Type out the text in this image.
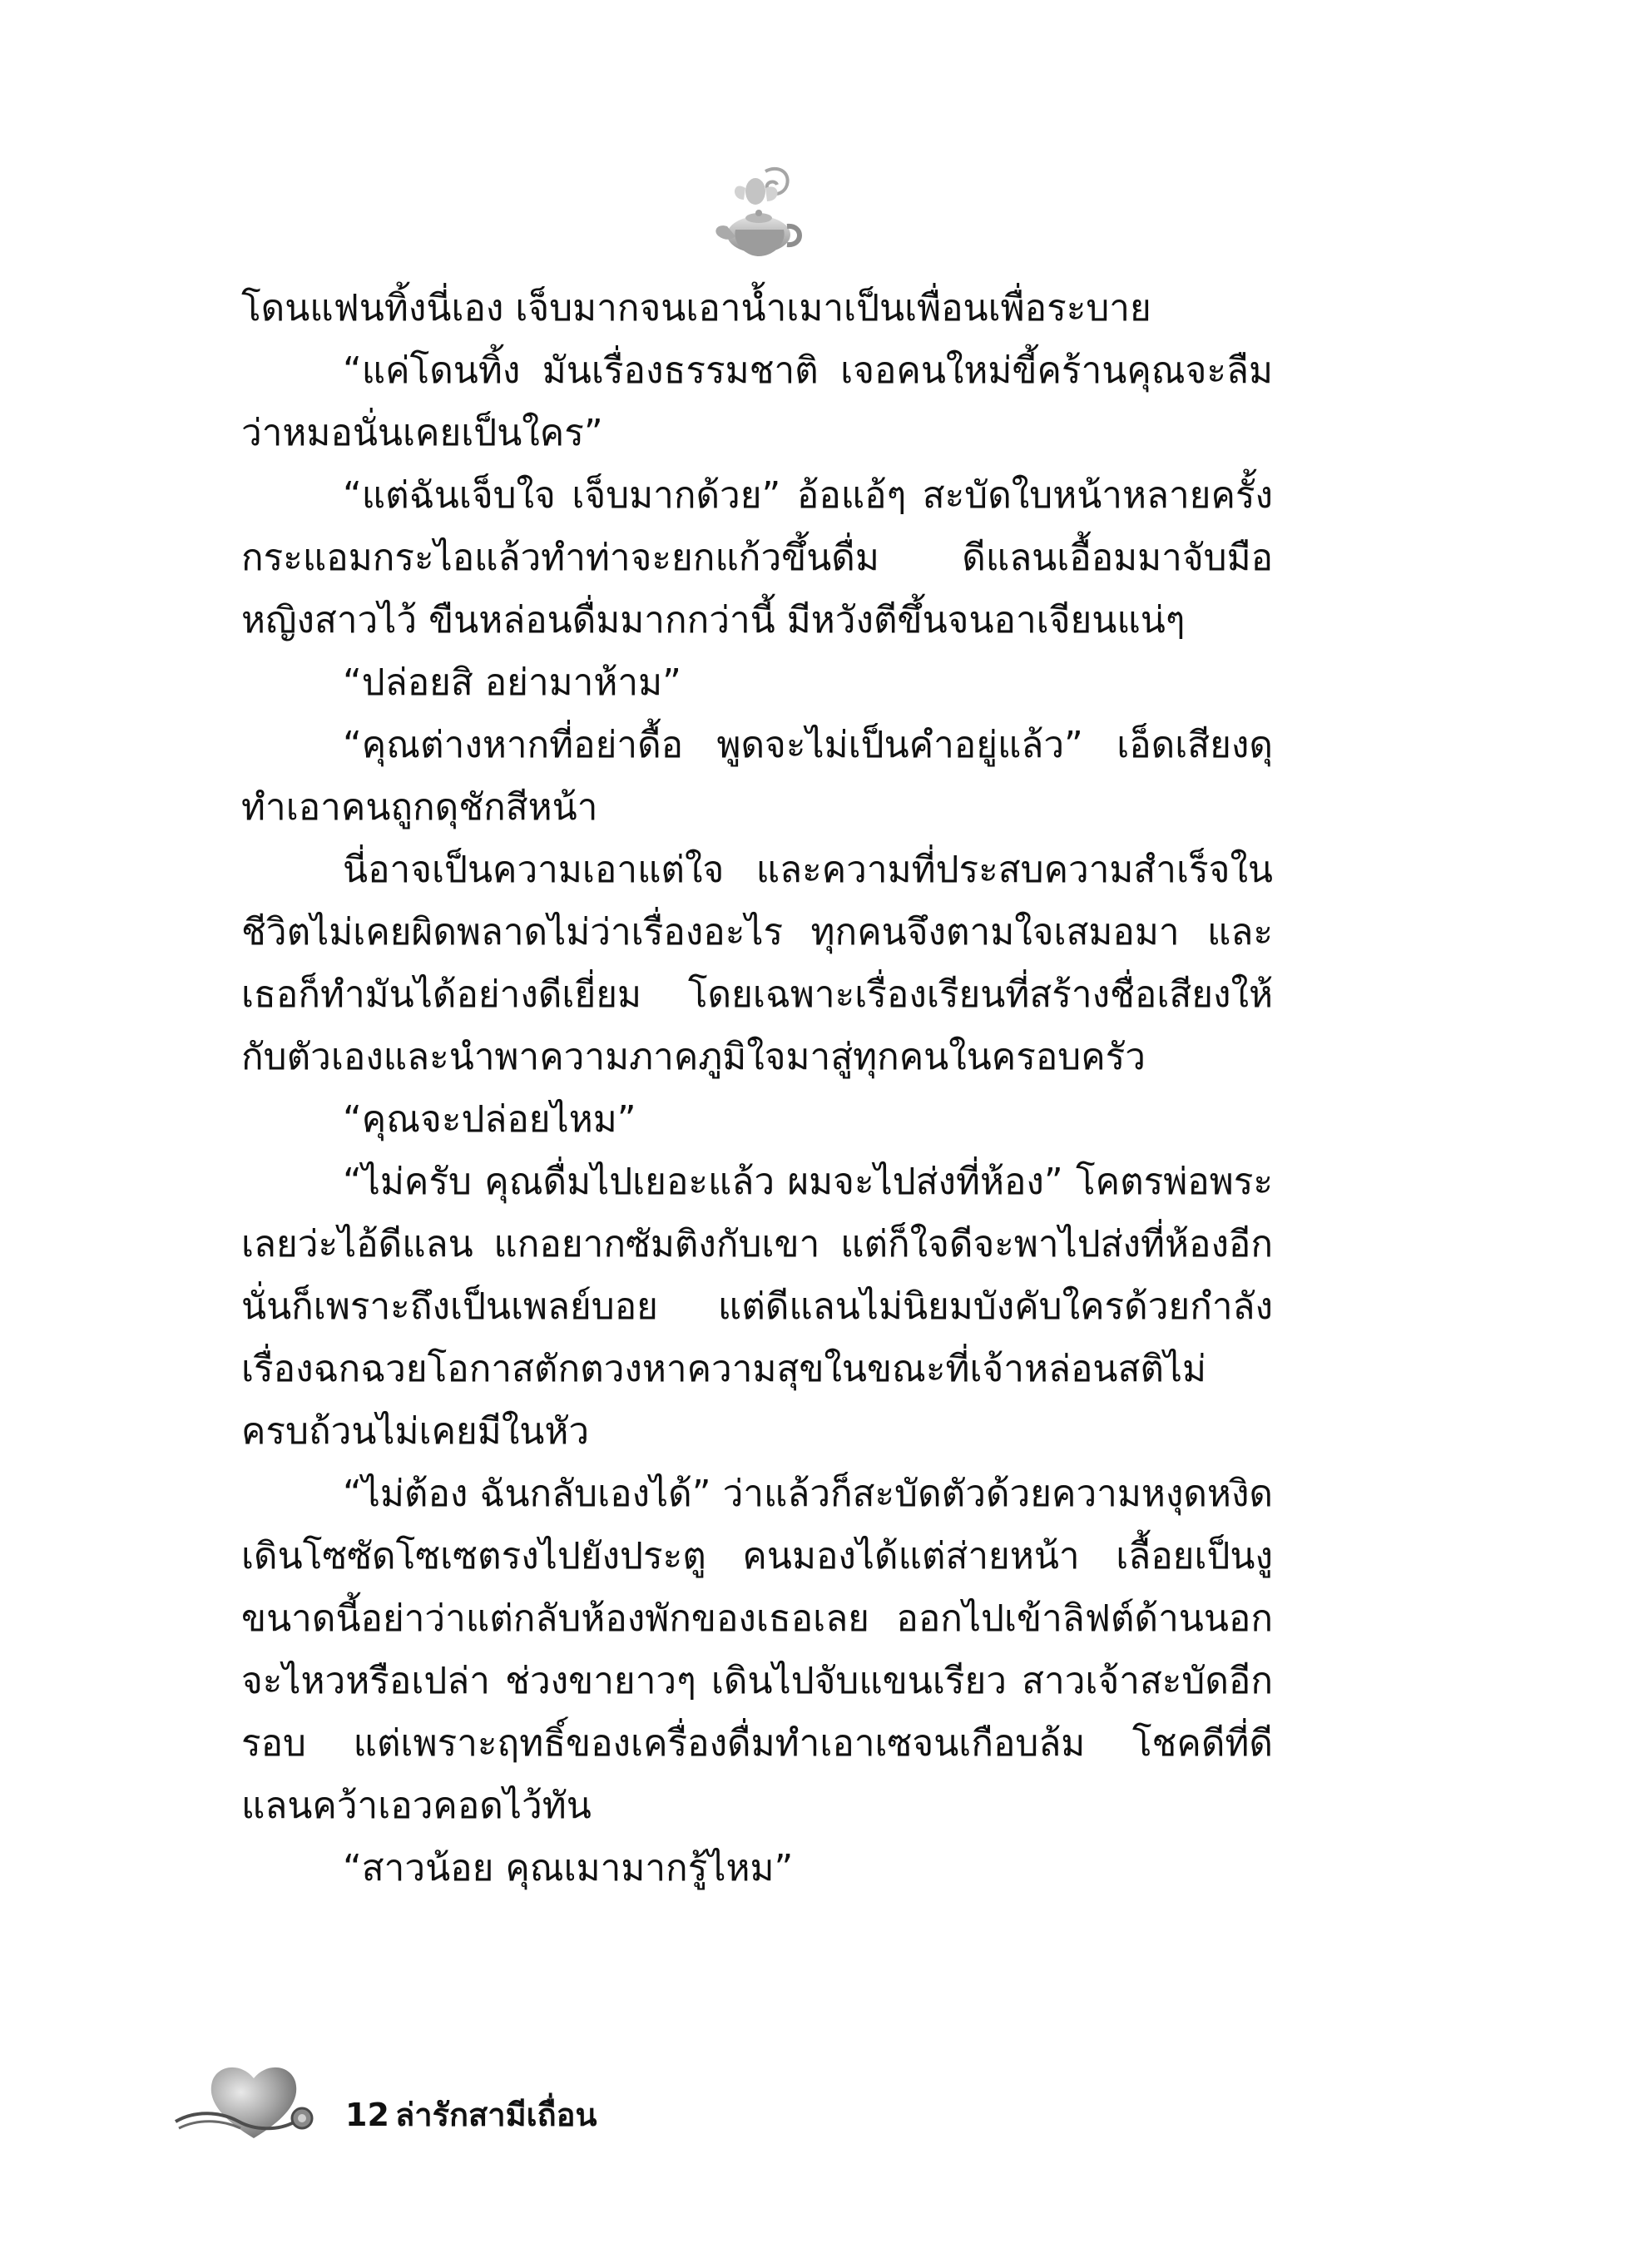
โดนแฟนทิ้งนี่เอง เจ็บมากจนเอาน้ำเมาเป็นเพื่อนเพื่อระบาย

“แค่โดนทิ้ง มันเรื่องธรรมชาติ เจอคนใหม่ขี้คร้านคุณจะลืมว่าหมอนั่นเคยเป็นใคร”

“แต่ฉันเจ็บใจ เจ็บมากด้วย” อ้อแอ้ๆ สะบัดใบหน้าหลายครั้ง กระแอมกระไอแล้วทำท่าจะยกแก้วขึ้นดื่ม ดีแลนเอื้อมมาจับมือหญิงสาวไว้ ขืนหล่อนดื่มมากกว่านี้ มีหวังตีขึ้นจนอาเจียนแน่ๆ

“ปล่อยสิ อย่ามาห้าม”

“คุณต่างหากที่อย่าดื้อ พูดจะไม่เป็นคำอยู่แล้ว” เอ็ดเสียงดุ ทำเอาคนถูกดุชักสีหน้า

นี่อาจเป็นความเอาแต่ใจ และความที่ประสบความสำเร็จในชีวิตไม่เคยผิดพลาดไม่ว่าเรื่องอะไร ทุกคนจึงตามใจเสมอมา และเธอก็ทำมันได้อย่างดีเยี่ยม โดยเฉพาะเรื่องเรียนที่สร้างชื่อเสียงให้กับตัวเองและนำพาความภาคภูมิใจมาสู่ทุกคนในครอบครัว

“คุณจะปล่อยไหม”

“ไม่ครับ คุณดื่มไปเยอะแล้ว ผมจะไปส่งที่ห้อง” โคตรพ่อพระเลยว่ะไอ้ดีแลน แกอยากซัมติงกับเขา แต่ก็ใจดีจะพาไปส่งที่ห้องอีก นั่นก็เพราะถึงเป็นเพลย์บอย แต่ดีแลนไม่นิยมบังคับใครด้วยกำลัง เรื่องฉกฉวยโอกาสตักตวงหาความสุขในขณะที่เจ้าหล่อนสติไม่ครบถ้วนไม่เคยมีในหัว

“ไม่ต้อง ฉันกลับเองได้” ว่าแล้วก็สะบัดตัวด้วยความหงุดหงิด เดินโซซัดโซเซตรงไปยังประตู คนมองได้แต่ส่ายหน้า เลื้อยเป็นงูขนาดนี้อย่าว่าแต่กลับห้องพักของเธอเลย ออกไปเข้าลิฟต์ด้านนอกจะไหวหรือเปล่า ช่วงขายาวๆ เดินไปจับแขนเรียว สาวเจ้าสะบัดอีกรอบ แต่เพราะฤทธิ์ของเครื่องดื่มทำเอาเซจนเกือบล้ม โชคดีที่ดีแลนคว้าเอวคอดไว้ทัน

“สาวน้อย คุณเมามากรู้ไหม”

12 ล่ารักสามีเถื่อน
